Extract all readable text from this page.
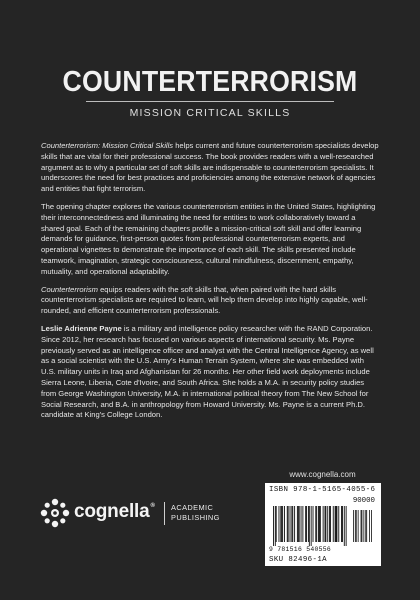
COUNTERTERRORISM
MISSION CRITICAL SKILLS

Counterterrorism: Mission Critical Skills helps current and future counterterrorism specialists develop skills that are vital for their professional success. The book provides readers with a well-researched argument as to why a particular set of soft skills are indispensable to counterterrorism specialists. It underscores the need for best practices and proficiencies among the extensive network of agencies and entities that fight terrorism.

The opening chapter explores the various counterterrorism entities in the United States, highlighting their interconnectedness and illuminating the need for entities to work collaboratively toward a shared goal. Each of the remaining chapters profile a mission-critical soft skill and offer learning demands for guidance, first-person quotes from professional counterterrorism experts, and operational vignettes to demonstrate the importance of each skill. The skills presented include teamwork, imagination, strategic consciousness, cultural mindfulness, discernment, empathy, mutuality, and operational adaptability.

Counterterrorism equips readers with the soft skills that, when paired with the hard skills counterterrorism specialists are required to learn, will help them develop into highly capable, well-rounded, and efficient counterterrorism professionals.

Leslie Adrienne Payne is a military and intelligence policy researcher with the RAND Corporation. Since 2012, her research has focused on various aspects of international security. Ms. Payne previously served as an intelligence officer and analyst with the Central Intelligence Agency, as well as a social scientist with the U.S. Army's Human Terrain System, where she was embedded with U.S. military units in Iraq and Afghanistan for 26 months. Her other field work deployments include Sierra Leone, Liberia, Cote d'Ivoire, and South Africa. She holds a M.A. in security policy studies from George Washington University, M.A. in international political theory from The New School for Social Research, and B.A. in anthropology from Howard University. Ms. Payne is a current Ph.D. candidate at King's College London.

cognella® ACADEMIC
PUBLISHING
www.cognella.com
ISBN 978-1-5165-4055-6
90000
9 781516 540556
SKU 82496-1A
